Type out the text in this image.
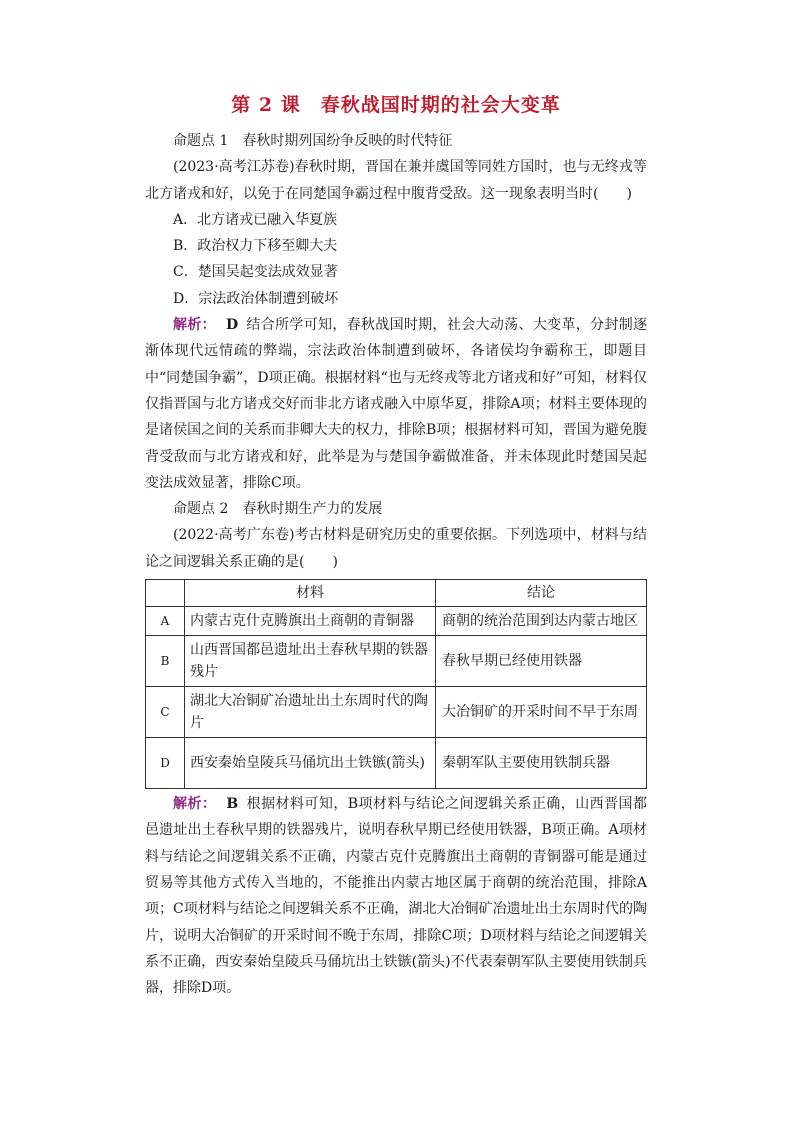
第 2 课　春秋战国时期的社会大变革

命题点 1　春秋时期列国纷争反映的时代特征

(2023·高考江苏卷)春秋时期，晋国在兼并虞国等同姓方国时，也与无终戎等北方诸戎和好，以免于在同楚国争霸过程中腹背受敌。这一现象表明当时(　　)

A．北方诸戎已融入华夏族

B．政治权力下移至卿大夫

C．楚国吴起变法成效显著

D．宗法政治体制遭到破坏

解析： D 结合所学可知，春秋战国时期，社会大动荡、大变革，分封制逐渐体现代远情疏的弊端，宗法政治体制遭到破坏，各诸侯均争霸称王，即题目中“同楚国争霸”，D项正确。根据材料“也与无终戎等北方诸戎和好”可知，材料仅仅指晋国与北方诸戎交好而非北方诸戎融入中原华夏，排除A项；材料主要体现的是诸侯国之间的关系而非卿大夫的权力，排除B项；根据材料可知，晋国为避免腹背受敌而与北方诸戎和好，此举是为与楚国争霸做准备，并未体现此时楚国吴起变法成效显著，排除C项。

命题点 2　春秋时期生产力的发展

(2022·高考广东卷)考古材料是研究历史的重要依据。下列选项中，材料与结论之间逻辑关系正确的是(　　)

	材料	结论
A	内蒙古克什克腾旗出土商朝的青铜器	商朝的统治范围到达内蒙古地区
B	山西晋国都邑遗址出土春秋早期的铁器残片	春秋早期已经使用铁器
C	湖北大冶铜矿冶遗址出土东周时代的陶片	大冶铜矿的开采时间不早于东周
D	西安秦始皇陵兵马俑坑出土铁镞(箭头)	秦朝军队主要使用铁制兵器

解析： B 根据材料可知，B项材料与结论之间逻辑关系正确，山西晋国都邑遗址出土春秋早期的铁器残片，说明春秋早期已经使用铁器，B项正确。A项材料与结论之间逻辑关系不正确，内蒙古克什克腾旗出土商朝的青铜器可能是通过贸易等其他方式传入当地的，不能推出内蒙古地区属于商朝的统治范围，排除A项；C项材料与结论之间逻辑关系不正确，湖北大冶铜矿冶遗址出土东周时代的陶片，说明大冶铜矿的开采时间不晚于东周，排除C项；D项材料与结论之间逻辑关系不正确，西安秦始皇陵兵马俑坑出土铁镞(箭头)不代表秦朝军队主要使用铁制兵器，排除D项。
